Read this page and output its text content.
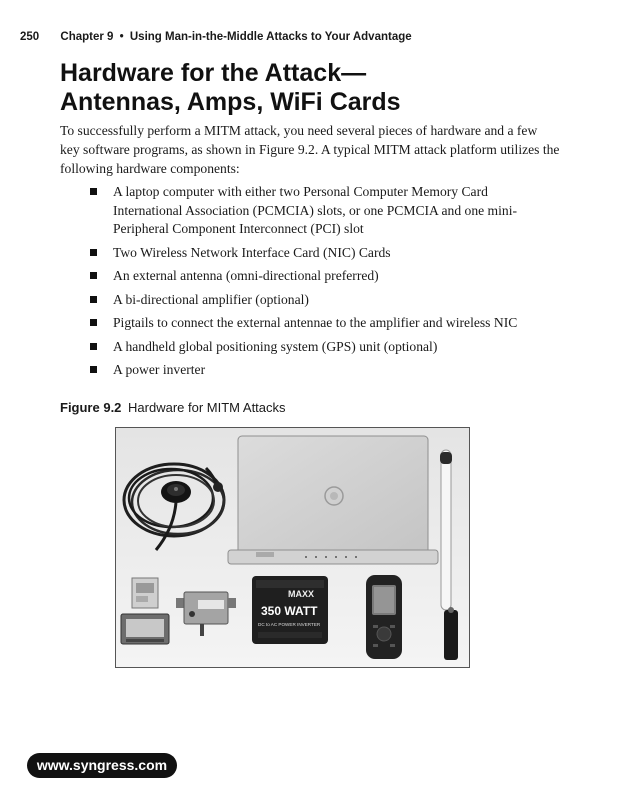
250 Chapter 9 • Using Man-in-the-Middle Attacks to Your Advantage
Hardware for the Attack—
Antennas, Amps, WiFi Cards

To successfully perform a MITM attack, you need several pieces of hardware and a few key software programs, as shown in Figure 9.2. A typical MITM attack platform utilizes the following hardware components:

A laptop computer with either two Personal Computer Memory Card International Association (PCMCIA) slots, or one PCMCIA and one mini-Peripheral Component Interconnect (PCI) slot
Two Wireless Network Interface Card (NIC) Cards
An external antenna (omni-directional preferred)
A bi-directional amplifier (optional)
Pigtails to connect the external antennae to the amplifier and wireless NIC
A handheld global positioning system (GPS) unit (optional)
A power inverter
Figure 9.2 Hardware for MITM Attacks
MAXX
350 WATT
DC to AC POWER INVERTER
www.syngress.com
